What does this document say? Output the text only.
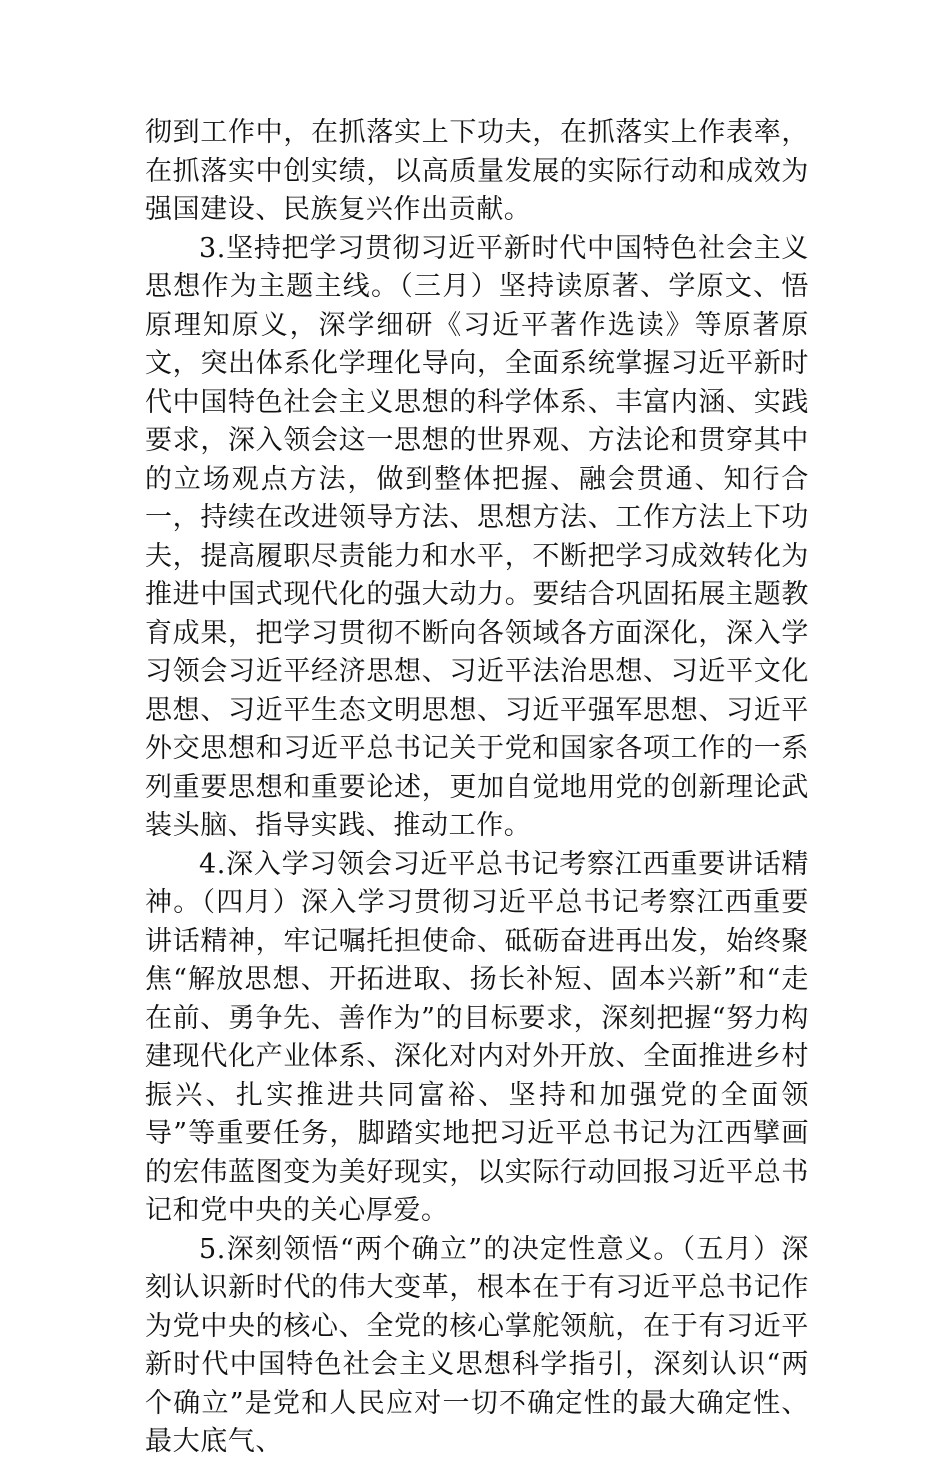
彻到工作中，在抓落实上下功夫，在抓落实上作表率，在抓落实中创实绩，以高质量发展的实际行动和成效为强国建设、民族复兴作出贡献。

3.坚持把学习贯彻习近平新时代中国特色社会主义思想作为主题主线。（三月）坚持读原著、学原文、悟原理知原义，深学细研《习近平著作选读》等原著原文，突出体系化学理化导向，全面系统掌握习近平新时代中国特色社会主义思想的科学体系、丰富内涵、实践要求，深入领会这一思想的世界观、方法论和贯穿其中的立场观点方法，做到整体把握、融会贯通、知行合一，持续在改进领导方法、思想方法、工作方法上下功夫，提高履职尽责能力和水平，不断把学习成效转化为推进中国式现代化的强大动力。要结合巩固拓展主题教育成果，把学习贯彻不断向各领域各方面深化，深入学习领会习近平经济思想、习近平法治思想、习近平文化思想、习近平生态文明思想、习近平强军思想、习近平外交思想和习近平总书记关于党和国家各项工作的一系列重要思想和重要论述，更加自觉地用党的创新理论武装头脑、指导实践、推动工作。

4.深入学习领会习近平总书记考察江西重要讲话精神。（四月）深入学习贯彻习近平总书记考察江西重要讲话精神，牢记嘱托担使命、砥砺奋进再出发，始终聚焦“解放思想、开拓进取、扬长补短、固本兴新”和“走在前、勇争先、善作为”的目标要求，深刻把握“努力构建现代化产业体系、深化对内对外开放、全面推进乡村振兴、扎实推进共同富裕、坚持和加强党的全面领导”等重要任务，脚踏实地把习近平总书记为江西擘画的宏伟蓝图变为美好现实，以实际行动回报习近平总书记和党中央的关心厚爱。

5.深刻领悟“两个确立”的决定性意义。（五月）深刻认识新时代的伟大变革，根本在于有习近平总书记作为党中央的核心、全党的核心掌舵领航，在于有习近平新时代中国特色社会主义思想科学指引，深刻认识“两个确立”是党和人民应对一切不确定性的最大确定性、最大底气、
